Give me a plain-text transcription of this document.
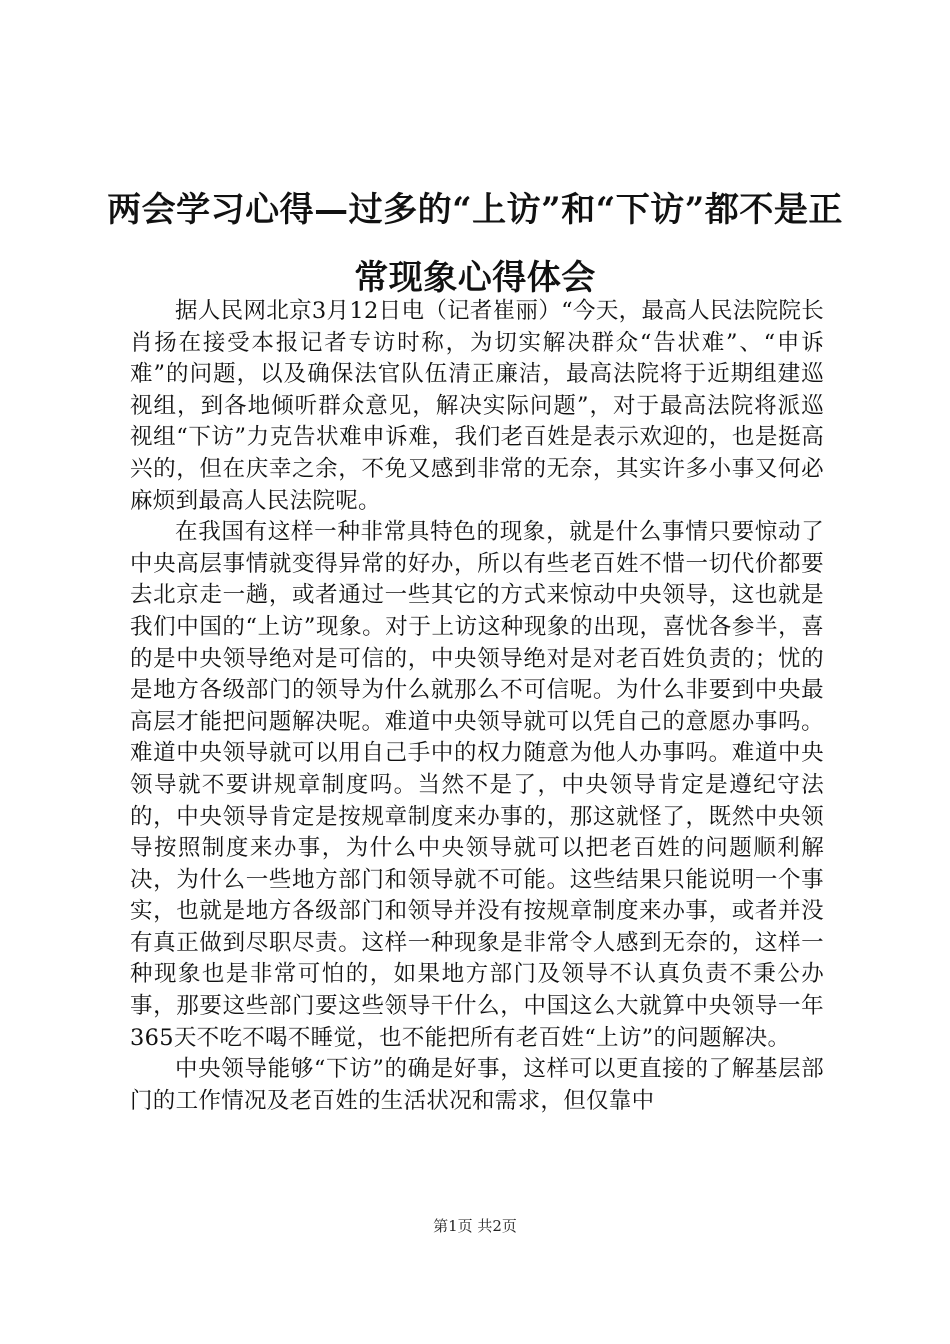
两会学习心得—过多的“上访”和“下访”都不是正常现象心得体会

据人民网北京3月12日电（记者崔丽）“今天，最高人民法院院长肖扬在接受本报记者专访时称，为切实解决群众“告状难”、“申诉难”的问题，以及确保法官队伍清正廉洁，最高法院将于近期组建巡视组，到各地倾听群众意见，解决实际问题”，对于最高法院将派巡视组“下访”力克告状难申诉难，我们老百姓是表示欢迎的，也是挺高兴的，但在庆幸之余，不免又感到非常的无奈，其实许多小事又何必麻烦到最高人民法院呢。

在我国有这样一种非常具特色的现象，就是什么事情只要惊动了中央高层事情就变得异常的好办，所以有些老百姓不惜一切代价都要去北京走一趟，或者通过一些其它的方式来惊动中央领导，这也就是我们中国的“上访”现象。对于上访这种现象的出现，喜忧各参半，喜的是中央领导绝对是可信的，中央领导绝对是对老百姓负责的；忧的是地方各级部门的领导为什么就那么不可信呢。为什么非要到中央最高层才能把问题解决呢。难道中央领导就可以凭自己的意愿办事吗。难道中央领导就可以用自己手中的权力随意为他人办事吗。难道中央领导就不要讲规章制度吗。当然不是了，中央领导肯定是遵纪守法的，中央领导肯定是按规章制度来办事的，那这就怪了，既然中央领导按照制度来办事，为什么中央领导就可以把老百姓的问题顺利解决，为什么一些地方部门和领导就不可能。这些结果只能说明一个事实，也就是地方各级部门和领导并没有按规章制度来办事，或者并没有真正做到尽职尽责。这样一种现象是非常令人感到无奈的，这样一种现象也是非常可怕的，如果地方部门及领导不认真负责不秉公办事，那要这些部门要这些领导干什么，中国这么大就算中央领导一年365天不吃不喝不睡觉，也不能把所有老百姓“上访”的问题解决。

中央领导能够“下访”的确是好事，这样可以更直接的了解基层部门的工作情况及老百姓的生活状况和需求，但仅靠中

第1页 共2页
